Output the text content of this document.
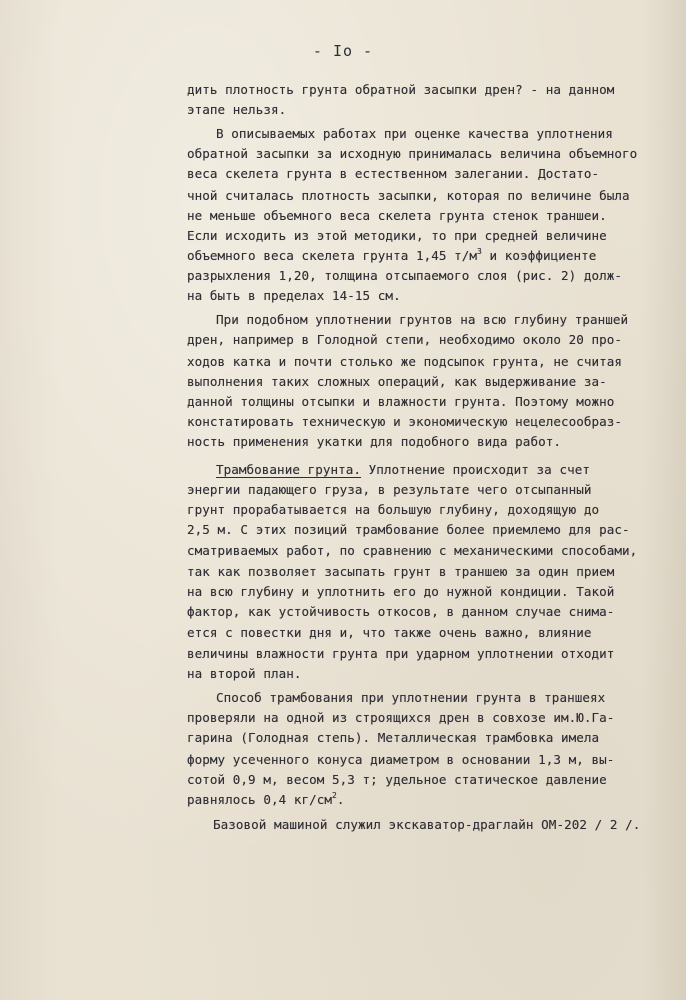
- Io -
дить плотность грунта обратной засыпки дрен? - на данном
этапе нельзя.
В описываемых работах при оценке качества уплотнения
обратной засыпки за исходную принималась величина объемного
веса скелета грунта в естественном залегании. Достато-
чной считалась плотность засыпки, которая по величине была
не меньше объемного веса скелета грунта стенок траншеи.
Если исходить из этой методики, то при средней величине
объемного веса скелета грунта 1,45 $т/м^3$ и коэффициенте
разрыхления 1,20, толщина отсыпаемого слоя (рис. 2) долж-
на быть в пределах 14-15 см.
При подобном уплотнении грунтов на всю глубину траншей
дрен, например в Голодной степи, необходимо около 20 про-
ходов катка и почти столько же подсыпок грунта, не считая
выполнения таких сложных операций, как выдерживание за-
данной толщины отсыпки и влажности грунта. Поэтому можно
констатировать техническую и экономическую нецелесообраз-
ность применения укатки для подобного вида работ.
Трамбование грунта. Уплотнение происходит за счет
энергии падающего груза, в результате чего отсыпанный
грунт прорабатывается на большую глубину, доходящую до
2,5 м. С этих позиций трамбование более приемлемо для рас-
сматриваемых работ, по сравнению с механическими способами,
так как позволяет засыпать грунт в траншею за один прием
на всю глубину и уплотнить его до нужной кондиции. Такой
фактор, как устойчивость откосов, в данном случае снима-
ется с повестки дня и, что также очень важно, влияние
величины влажности грунта при ударном уплотнении отходит
на второй план.
Способ трамбования при уплотнении грунта в траншеях
проверяли на одной из строящихся дрен в совхозе им.Ю.Га-
гарина (Голодная степь). Металлическая трамбовка имела
форму усеченного конуса диаметром в основании 1,3 м, вы-
сотой 0,9 м, весом 5,3 т; удельное статическое давление
равнялось 0,4 $кг/см^2$.
Базовой машиной служил экскаватор-драглайн ОМ-202 / 2 /.
